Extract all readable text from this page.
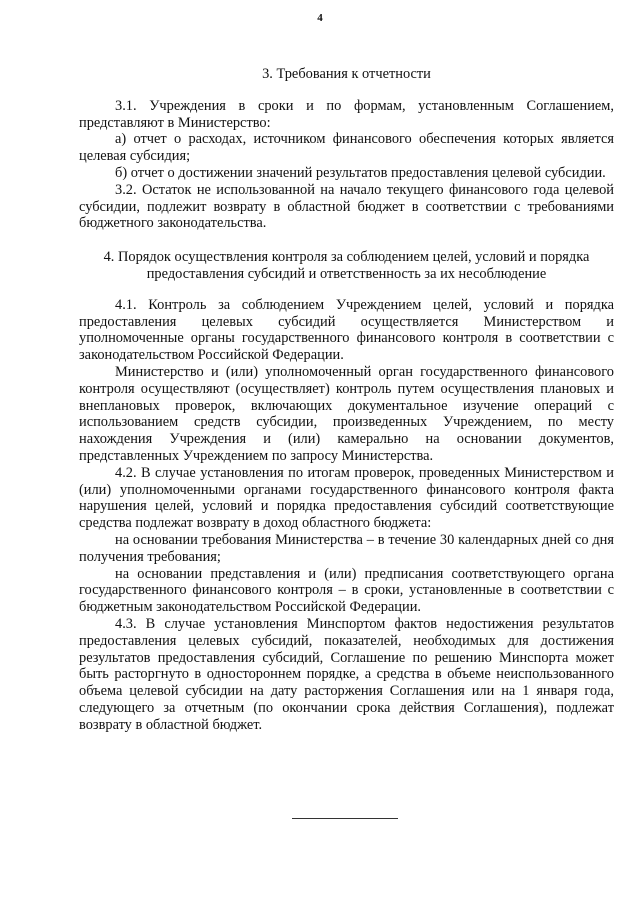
4

3. Требования к отчетности

3.1. Учреждения в сроки и по формам, установленным Соглашением, представляют в Министерство:

а) отчет о расходах, источником финансового обеспечения которых является целевая субсидия;

б) отчет о достижении значений результатов предоставления целевой субсидии.

3.2. Остаток не использованной на начало текущего финансового года целевой субсидии, подлежит возврату в областной бюджет в соответствии с требованиями бюджетного законодательства.

4. Порядок осуществления контроля за соблюдением целей, условий и порядка предоставления субсидий и ответственность за их несоблюдение

4.1. Контроль за соблюдением Учреждением целей, условий и порядка предоставления целевых субсидий осуществляется Министерством и уполномоченные органы государственного финансового контроля в соответствии с законодательством Российской Федерации.

Министерство и (или) уполномоченный орган государственного финансового контроля осуществляют (осуществляет) контроль путем осуществления плановых и внеплановых проверок, включающих документальное изучение операций с использованием средств субсидии, произведенных Учреждением, по месту нахождения Учреждения и (или) камерально на основании документов, представленных Учреждением по запросу Министерства.

4.2. В случае установления по итогам проверок, проведенных Министерством и (или) уполномоченными органами государственного финансового контроля факта нарушения целей, условий и порядка предоставления субсидий соответствующие средства подлежат возврату в доход областного бюджета:

на основании требования Министерства – в течение 30 календарных дней со дня получения требования;

на основании представления и (или) предписания соответствующего органа государственного финансового контроля – в сроки, установленные в соответствии с бюджетным законодательством Российской Федерации.

4.3. В случае установления Минспортом фактов недостижения результатов предоставления целевых субсидий, показателей, необходимых для достижения результатов предоставления субсидий, Соглашение по решению Минспорта может быть расторгнуто в одностороннем порядке, а средства в объеме неиспользованного объема целевой субсидии на дату расторжения Соглашения или на 1 января года, следующего за отчетным (по окончании срока действия Соглашения), подлежат возврату в областной бюджет.
